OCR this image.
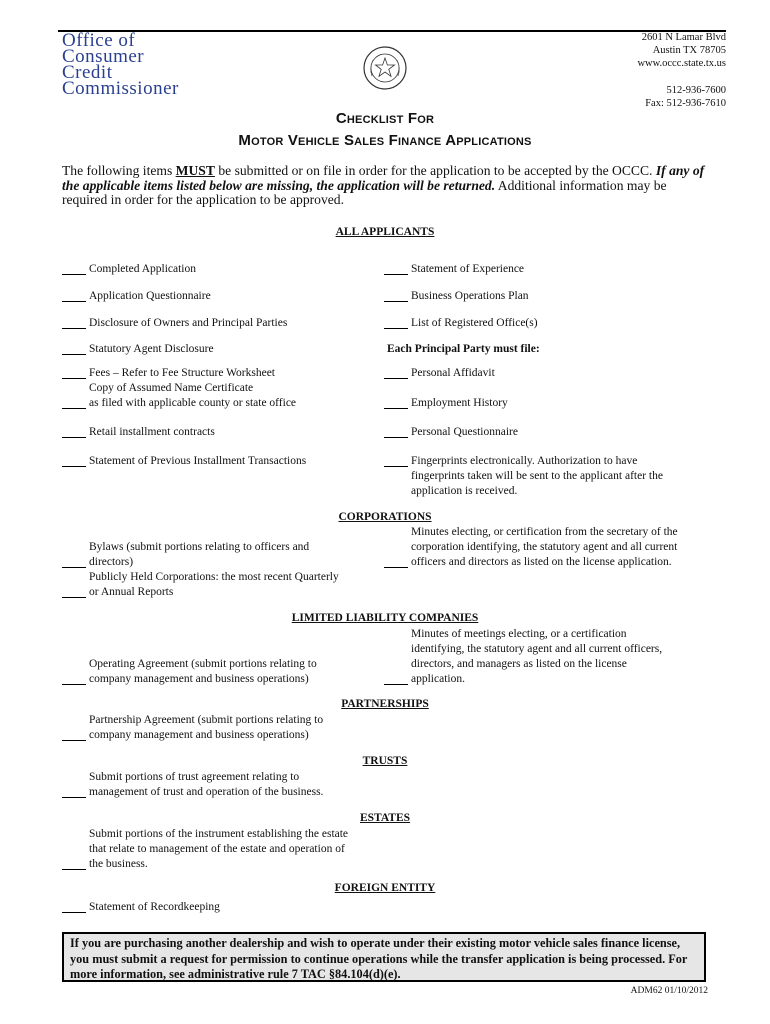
Office of
Consumer
Credit
Commissioner
2601 N Lamar Blvd
Austin TX 78705
www.occc.state.tx.us
512-936-7600
Fax: 512-936-7610
Checklist For
Motor Vehicle Sales Finance Applications
The following items MUST be submitted or on file in order for the application to be accepted by the OCCC. If any of the applicable items listed below are missing, the application will be returned. Additional information may be required in order for the application to be approved.
ALL APPLICANTS
Completed Application
Application Questionnaire
Disclosure of Owners and Principal Parties
Statutory Agent Disclosure
Fees – Refer to Fee Structure Worksheet
Copy of Assumed Name Certificate
as filed with applicable county or state office
Retail installment contracts
Statement of Previous Installment Transactions
Statement of Experience
Business Operations Plan
List of Registered Office(s)
Each Principal Party must file:
Personal Affidavit
Employment History
Personal Questionnaire
Fingerprints electronically. Authorization to have
fingerprints taken will be sent to the applicant after the
application is received.
CORPORATIONS
Bylaws (submit portions relating to officers and
directors)
Publicly Held Corporations: the most recent Quarterly
or Annual Reports
Minutes electing, or certification from the secretary of the
corporation identifying, the statutory agent and all current
officers and directors as listed on the license application.
LIMITED LIABILITY COMPANIES
Operating Agreement (submit portions relating to
company management and business operations)
Minutes of meetings electing, or a certification
identifying, the statutory agent and all current officers,
directors, and managers as listed on the license
application.
PARTNERSHIPS
Partnership Agreement (submit portions relating to
company management and business operations)
TRUSTS
Submit portions of trust agreement relating to
management of trust and operation of the business.
ESTATES
Submit portions of the instrument establishing the estate
that relate to management of the estate and operation of
the business.
FOREIGN ENTITY
Statement of Recordkeeping
If you are purchasing another dealership and wish to operate under their existing motor vehicle sales finance license, you must submit a request for permission to continue operations while the transfer application is being processed. For more information, see administrative rule 7 TAC §84.104(d)(e).
ADM62 01/10/2012
